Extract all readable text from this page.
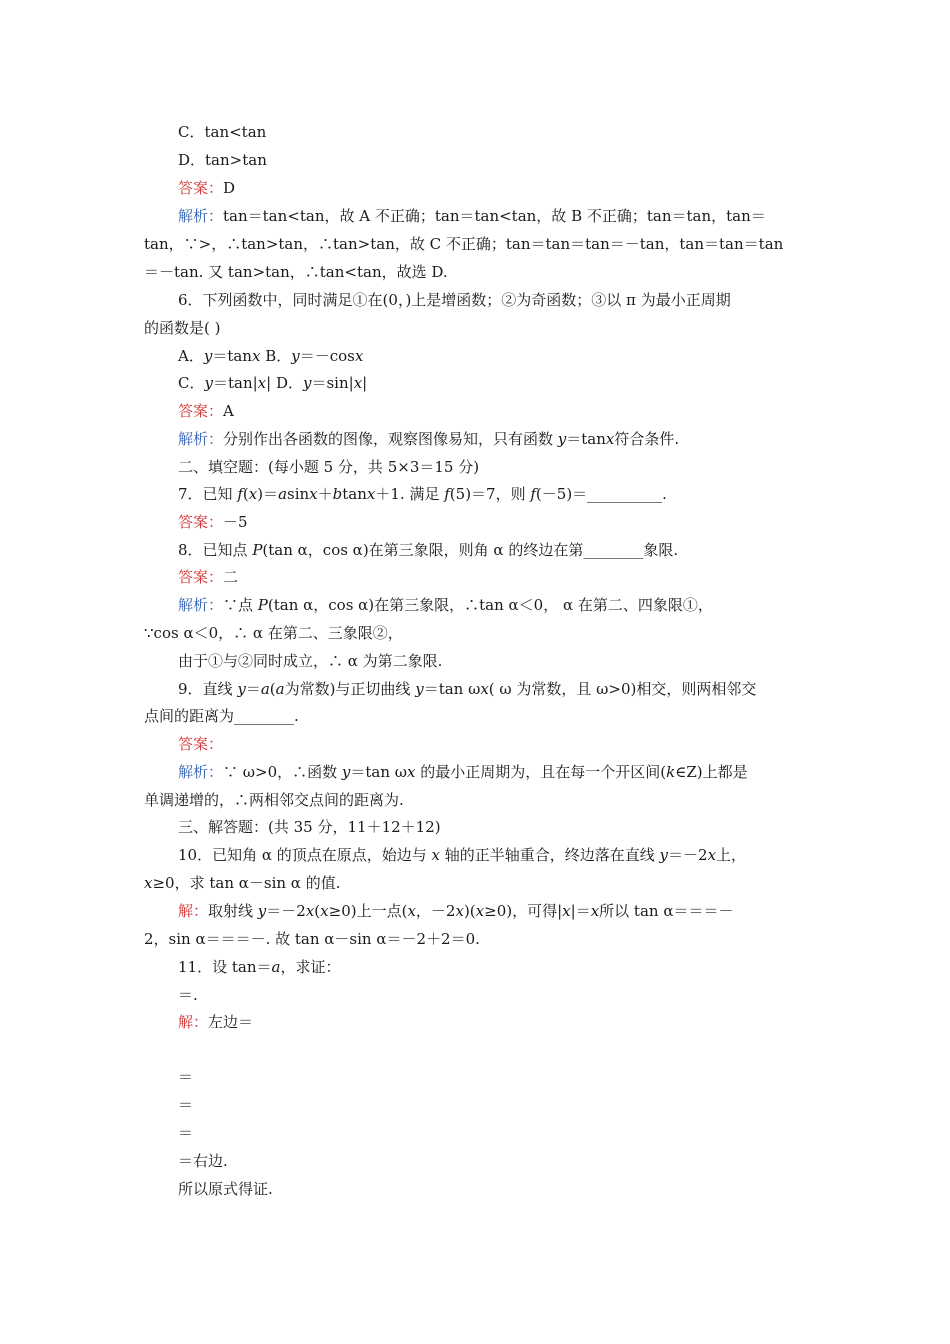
C．tan<tan
D．tan>tan
答案：D
解析：tan＝tan<tan，故 A 不正确；tan＝tan<tan，故 B 不正确；tan＝tan，tan＝
tan，∵>，∴tan>tan，∴tan>tan，故 C 不正确；tan＝tan＝tan＝－tan，tan＝tan＝tan
＝－tan. 又 tan>tan，∴tan<tan，故选 D.
6．下列函数中，同时满足①在(0，)上是增函数；②为奇函数；③以 π 为最小正周期
的函数是( )
A．y＝tanx B．y＝－cosx
C．y＝tan|x| D．y＝sin|x|
答案：A
解析：分别作出各函数的图像，观察图像易知，只有函数 y＝tanx符合条件.
二、填空题：(每小题 5 分，共 5×3＝15 分)
7．已知 f(x)＝asinx＋btanx＋1. 满足 f(5)＝7，则 f(－5)＝__________.
答案：－5
8．已知点 P(tan α，cos α)在第三象限，则角 α 的终边在第________象限.
答案：二
解析：∵点 P(tan α，cos α)在第三象限，∴tan α＜0， α 在第二、四象限①，
∵cos α＜0，∴ α 在第二、三象限②，
由于①与②同时成立，∴ α 为第二象限.
9．直线 y＝a(a为常数)与正切曲线 y＝tan ωx( ω 为常数，且 ω>0)相交，则两相邻交
点间的距离为________.
答案：
解析：∵ ω>0，∴函数 y＝tan ωx 的最小正周期为，且在每一个开区间(k∈Z)上都是
单调递增的，∴两相邻交点间的距离为.
三、解答题：(共 35 分，11＋12＋12)
10．已知角 α 的顶点在原点，始边与 x 轴的正半轴重合，终边落在直线 y＝－2x上，
x≥0，求 tan α－sin α 的值.
解：取射线 y＝－2x(x≥0)上一点(x，－2x)(x≥0)，可得|x|＝x所以 tan α＝＝＝－
2，sin α＝＝＝－. 故 tan α－sin α＝－2＋2＝0.
11．设 tan＝a，求证：
＝.
解：左边＝
＝
＝
＝
＝右边.
所以原式得证.
